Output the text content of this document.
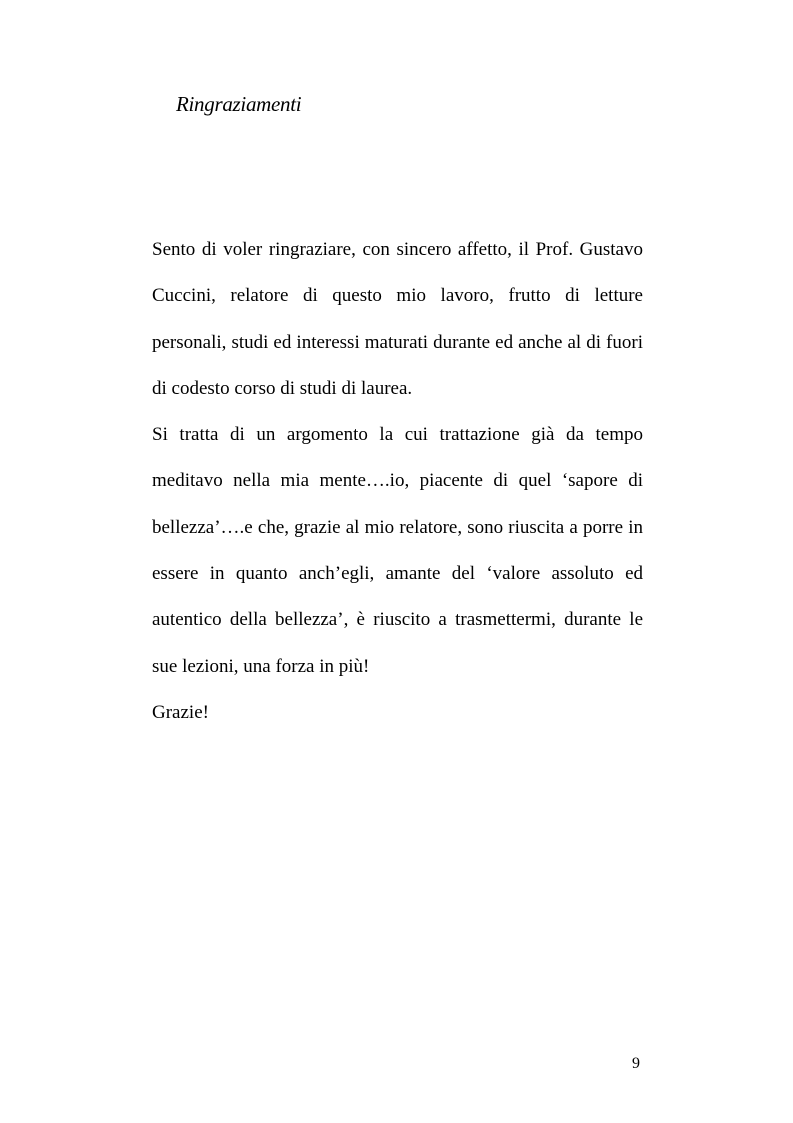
Ringraziamenti

Sento di voler ringraziare, con sincero affetto, il Prof. Gustavo Cuccini, relatore di questo mio lavoro, frutto di letture personali, studi ed interessi maturati durante ed anche al di fuori di codesto corso di studi di laurea.

Si tratta di un argomento la cui trattazione già da tempo meditavo nella mia mente….io, piacente di quel ‘sapore di bellezza’….e che, grazie al mio relatore, sono riuscita a porre in essere in quanto anch’egli, amante del ‘valore assoluto ed autentico della bellezza’, è riuscito a trasmettermi, durante le sue lezioni, una forza in più!

Grazie!

9
